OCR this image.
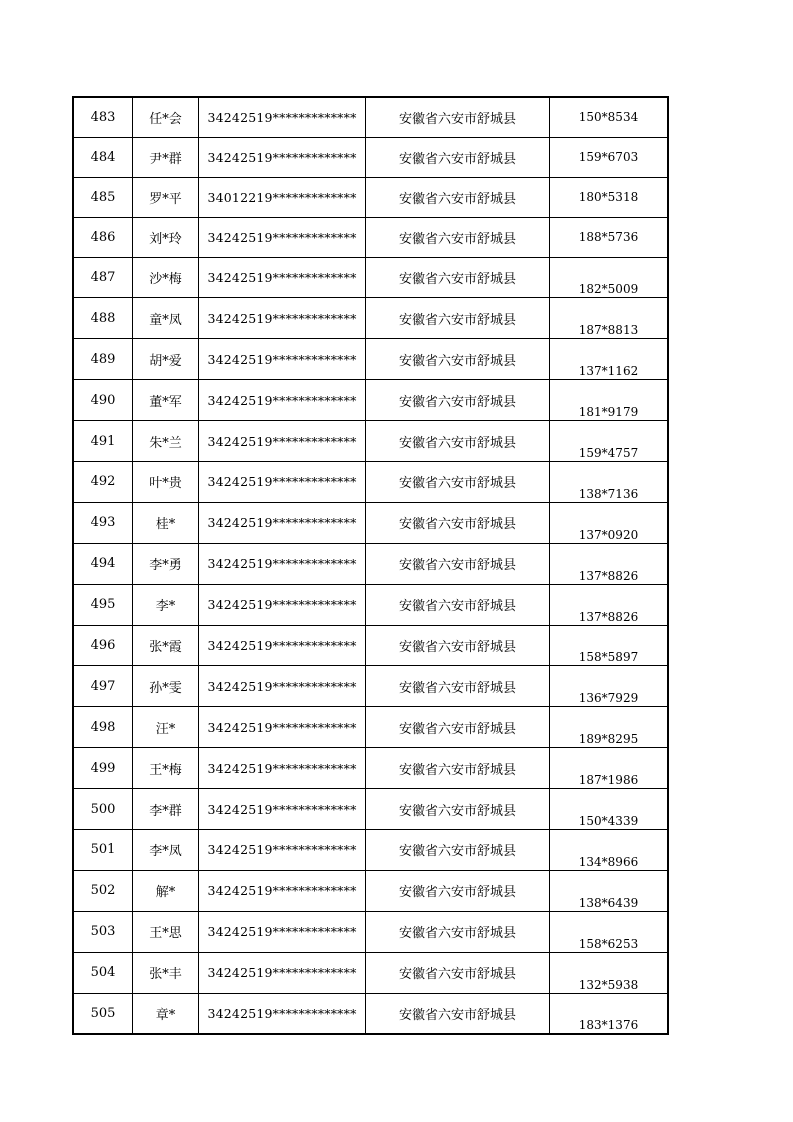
483	任*会	34242519*************	安徽省六安市舒城县	150*8534
484	尹*群	34242519*************	安徽省六安市舒城县	159*6703
485	罗*平	34012219*************	安徽省六安市舒城县	180*5318
486	刘*玲	34242519*************	安徽省六安市舒城县	188*5736
487	沙*梅	34242519*************	安徽省六安市舒城县	182*5009
488	童*凤	34242519*************	安徽省六安市舒城县	187*8813
489	胡*爱	34242519*************	安徽省六安市舒城县	137*1162
490	董*军	34242519*************	安徽省六安市舒城县	181*9179
491	朱*兰	34242519*************	安徽省六安市舒城县	159*4757
492	叶*贵	34242519*************	安徽省六安市舒城县	138*7136
493	桂*	34242519*************	安徽省六安市舒城县	137*0920
494	李*勇	34242519*************	安徽省六安市舒城县	137*8826
495	李*	34242519*************	安徽省六安市舒城县	137*8826
496	张*霞	34242519*************	安徽省六安市舒城县	158*5897
497	孙*雯	34242519*************	安徽省六安市舒城县	136*7929
498	汪*	34242519*************	安徽省六安市舒城县	189*8295
499	王*梅	34242519*************	安徽省六安市舒城县	187*1986
500	李*群	34242519*************	安徽省六安市舒城县	150*4339
501	李*凤	34242519*************	安徽省六安市舒城县	134*8966
502	解*	34242519*************	安徽省六安市舒城县	138*6439
503	王*思	34242519*************	安徽省六安市舒城县	158*6253
504	张*丰	34242519*************	安徽省六安市舒城县	132*5938
505	章*	34242519*************	安徽省六安市舒城县	183*1376
